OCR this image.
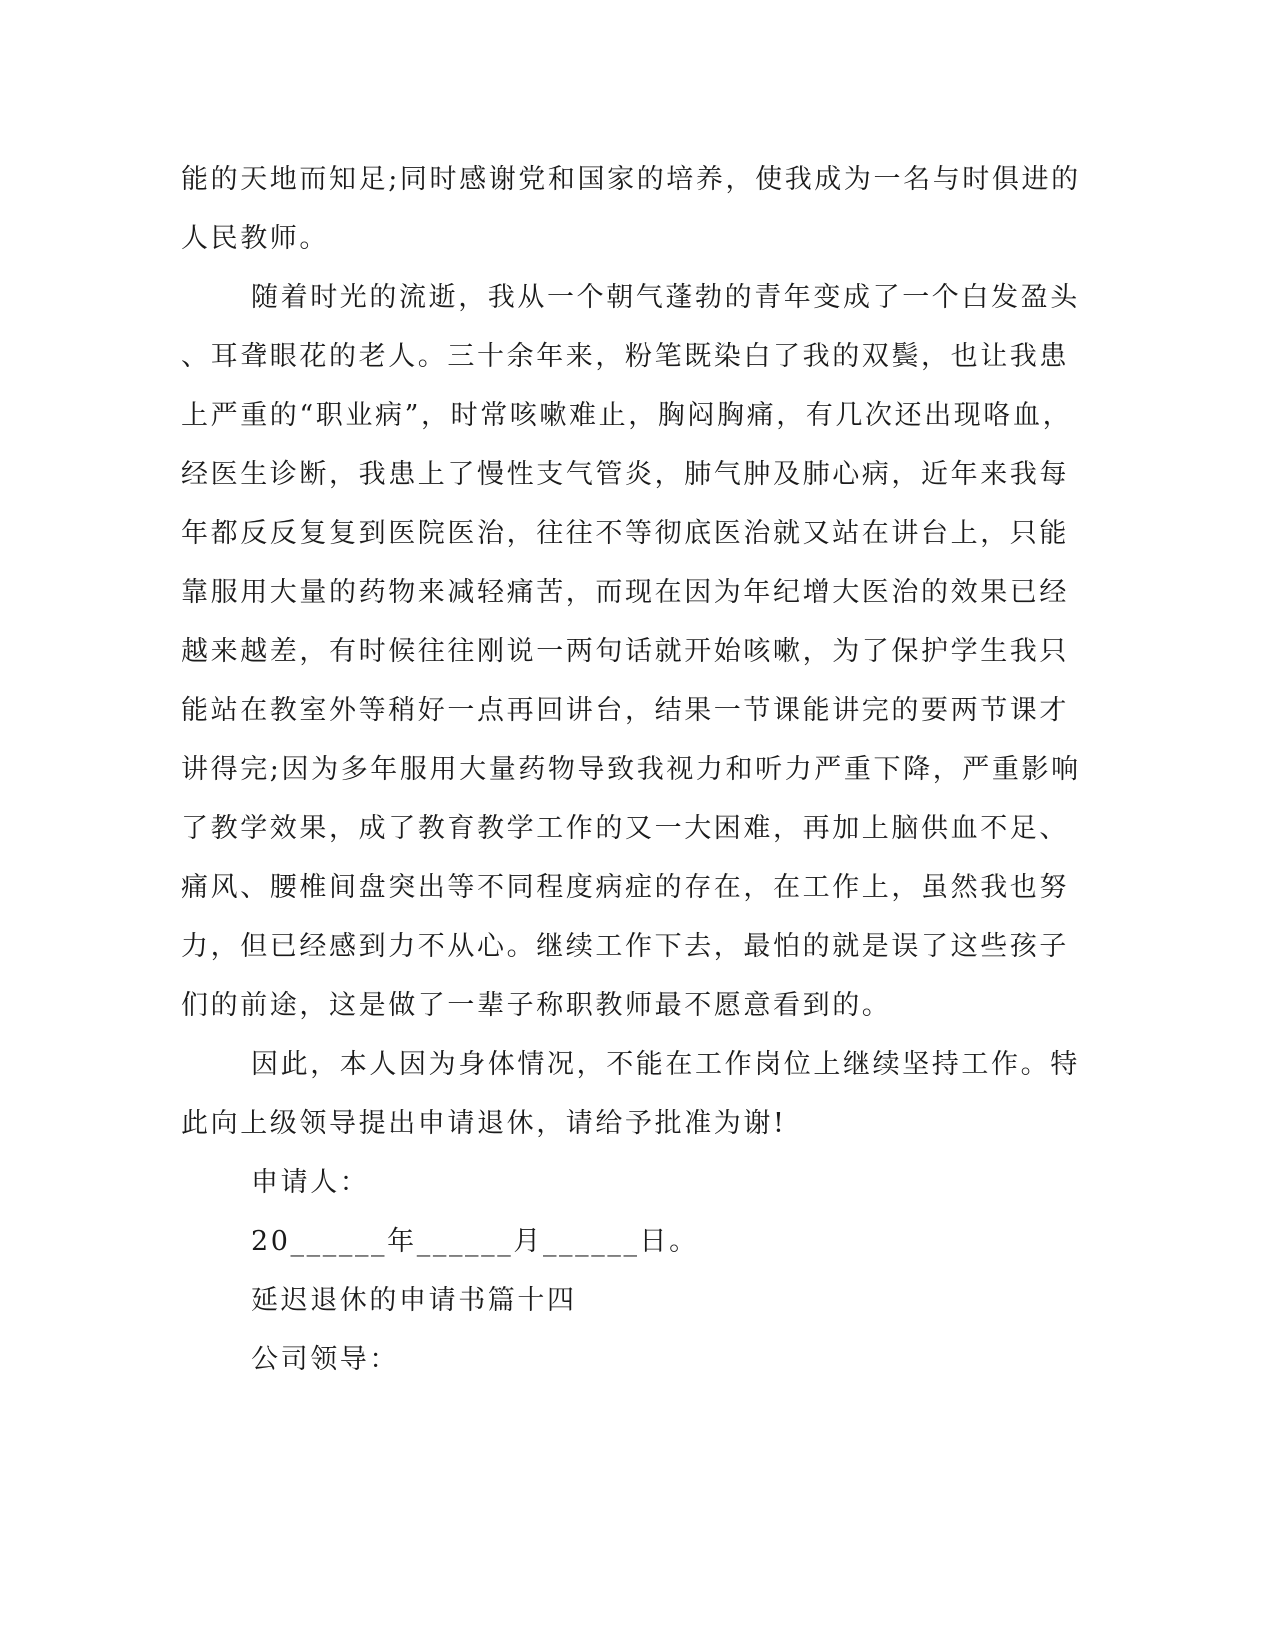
能的天地而知足;同时感谢党和国家的培养，使我成为一名与时俱进的
人民教师。
随着时光的流逝，我从一个朝气蓬勃的青年变成了一个白发盈头
、耳聋眼花的老人。三十余年来，粉笔既染白了我的双鬓，也让我患
上严重的“职业病”，时常咳嗽难止，胸闷胸痛，有几次还出现咯血，
经医生诊断，我患上了慢性支气管炎，肺气肿及肺心病，近年来我每
年都反反复复到医院医治，往往不等彻底医治就又站在讲台上，只能
靠服用大量的药物来减轻痛苦，而现在因为年纪增大医治的效果已经
越来越差，有时候往往刚说一两句话就开始咳嗽，为了保护学生我只
能站在教室外等稍好一点再回讲台，结果一节课能讲完的要两节课才
讲得完;因为多年服用大量药物导致我视力和听力严重下降，严重影响
了教学效果，成了教育教学工作的又一大困难，再加上脑供血不足、
痛风、腰椎间盘突出等不同程度病症的存在，在工作上，虽然我也努
力，但已经感到力不从心。继续工作下去，最怕的就是误了这些孩子
们的前途，这是做了一辈子称职教师最不愿意看到的。
因此，本人因为身体情况，不能在工作岗位上继续坚持工作。特
此向上级领导提出申请退休，请给予批准为谢!
申请人：
20______年______月______日。
延迟退休的申请书篇十四
公司领导：
